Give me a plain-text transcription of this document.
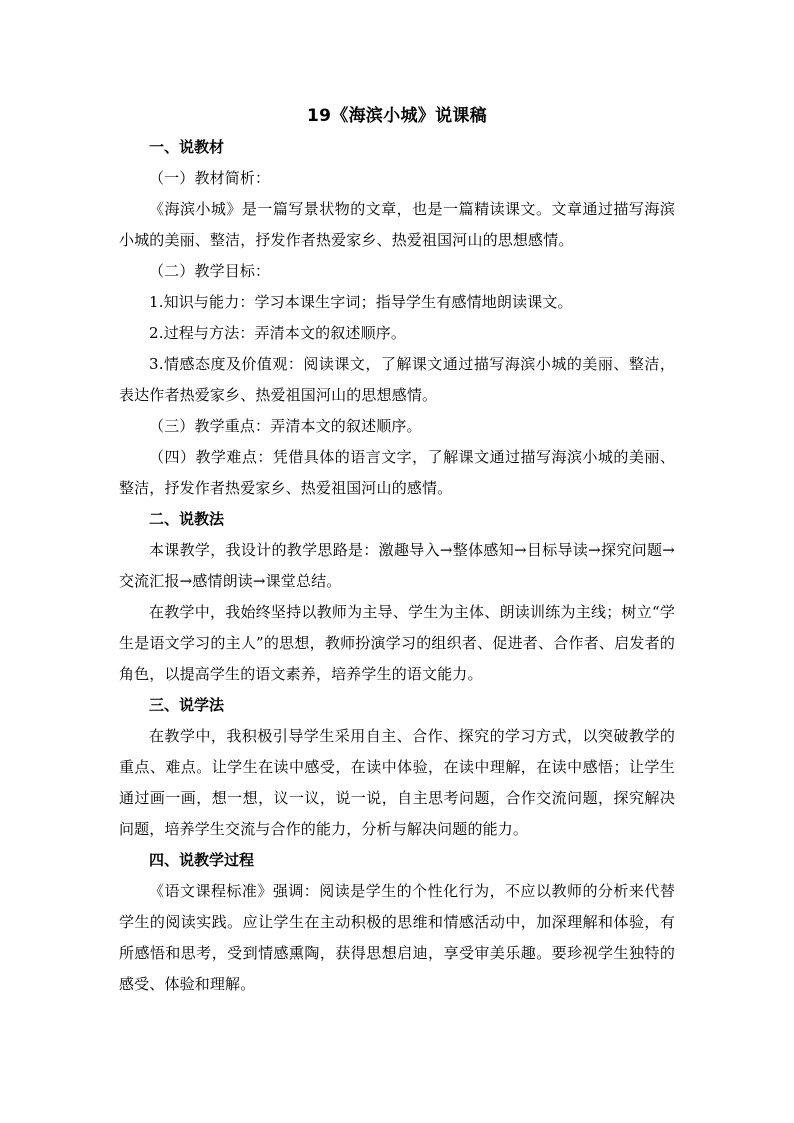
19《海滨小城》说课稿
一、说教材

（一）教材简析：

《海滨小城》是一篇写景状物的文章，也是一篇精读课文。文章通过描写海滨小城的美丽、整洁，抒发作者热爱家乡、热爱祖国河山的思想感情。

（二）教学目标：

1.知识与能力：学习本课生字词；指导学生有感情地朗读课文。

2.过程与方法：弄清本文的叙述顺序。

3.情感态度及价值观：阅读课文，了解课文通过描写海滨小城的美丽、整洁，表达作者热爱家乡、热爱祖国河山的思想感情。

（三）教学重点：弄清本文的叙述顺序。

（四）教学难点：凭借具体的语言文字，了解课文通过描写海滨小城的美丽、整洁，抒发作者热爱家乡、热爱祖国河山的感情。

二、说教法

本课教学，我设计的教学思路是：激趣导入→整体感知→目标导读→探究问题→交流汇报→感情朗读→课堂总结。

在教学中，我始终坚持以教师为主导、学生为主体、朗读训练为主线；树立“学生是语文学习的主人”的思想，教师扮演学习的组织者、促进者、合作者、启发者的角色，以提高学生的语文素养，培养学生的语文能力。

三、说学法

在教学中，我积极引导学生采用自主、合作、探究的学习方式，以突破教学的重点、难点。让学生在读中感受，在读中体验，在读中理解，在读中感悟；让学生通过画一画，想一想，议一议，说一说，自主思考问题，合作交流问题，探究解决问题，培养学生交流与合作的能力，分析与解决问题的能力。

四、说教学过程

《语文课程标准》强调：阅读是学生的个性化行为，不应以教师的分析来代替学生的阅读实践。应让学生在主动积极的思维和情感活动中，加深理解和体验，有所感悟和思考，受到情感熏陶，获得思想启迪，享受审美乐趣。要珍视学生独特的感受、体验和理解。
